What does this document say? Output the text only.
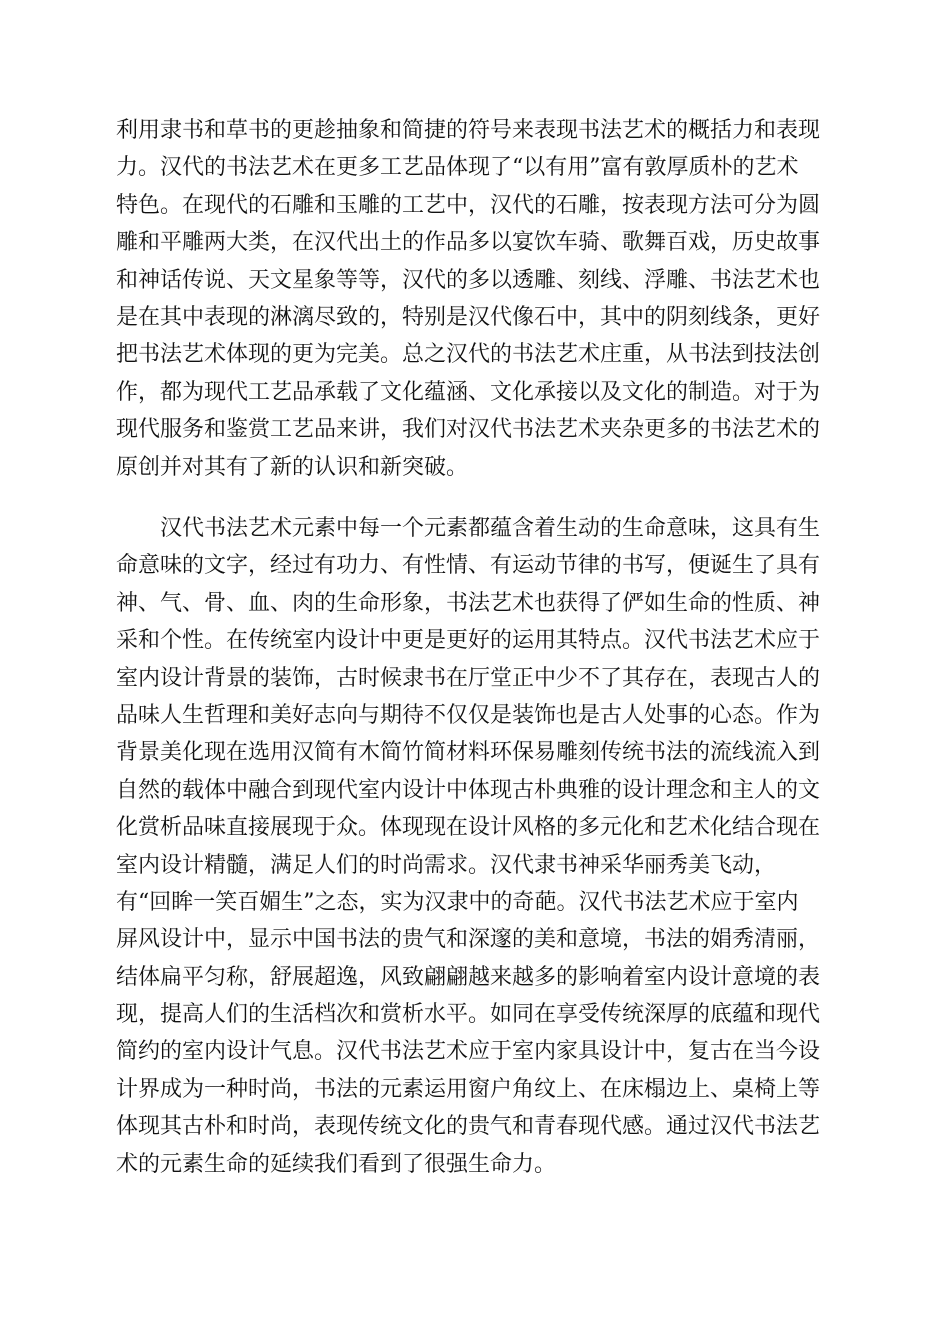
利用隶书和草书的更趁抽象和简捷的符号来表现书法艺术的概括力和表现
力。汉代的书法艺术在更多工艺品体现了“以有用”富有敦厚质朴的艺术
特色。在现代的石雕和玉雕的工艺中，汉代的石雕，按表现方法可分为圆
雕和平雕两大类，在汉代出土的作品多以宴饮车骑、歌舞百戏，历史故事
和神话传说、天文星象等等，汉代的多以透雕、刻线、浮雕、书法艺术也
是在其中表现的淋漓尽致的，特别是汉代像石中，其中的阴刻线条，更好
把书法艺术体现的更为完美。总之汉代的书法艺术庄重，从书法到技法创
作，都为现代工艺品承载了文化蕴涵、文化承接以及文化的制造。对于为
现代服务和鉴赏工艺品来讲，我们对汉代书法艺术夹杂更多的书法艺术的
原创并对其有了新的认识和新突破。
　　汉代书法艺术元素中每一个元素都蕴含着生动的生命意味，这具有生
命意味的文字，经过有功力、有性情、有运动节律的书写，便诞生了具有
神、气、骨、血、肉的生命形象，书法艺术也获得了俨如生命的性质、神
采和个性。在传统室内设计中更是更好的运用其特点。汉代书法艺术应于
室内设计背景的装饰，古时候隶书在厅堂正中少不了其存在，表现古人的
品味人生哲理和美好志向与期待不仅仅是装饰也是古人处事的心态。作为
背景美化现在选用汉简有木简竹简材料环保易雕刻传统书法的流线流入到
自然的载体中融合到现代室内设计中体现古朴典雅的设计理念和主人的文
化赏析品味直接展现于众。体现现在设计风格的多元化和艺术化结合现在
室内设计精髓，满足人们的时尚需求。汉代隶书神采华丽秀美飞动，
有“回眸一笑百媚生”之态，实为汉隶中的奇葩。汉代书法艺术应于室内
屏风设计中，显示中国书法的贵气和深邃的美和意境，书法的娟秀清丽，
结体扁平匀称，舒展超逸，风致翩翩越来越多的影响着室内设计意境的表
现，提高人们的生活档次和赏析水平。如同在享受传统深厚的底蕴和现代
简约的室内设计气息。汉代书法艺术应于室内家具设计中，复古在当今设
计界成为一种时尚，书法的元素运用窗户角纹上、在床榻边上、桌椅上等
体现其古朴和时尚，表现传统文化的贵气和青春现代感。通过汉代书法艺
术的元素生命的延续我们看到了很强生命力。
